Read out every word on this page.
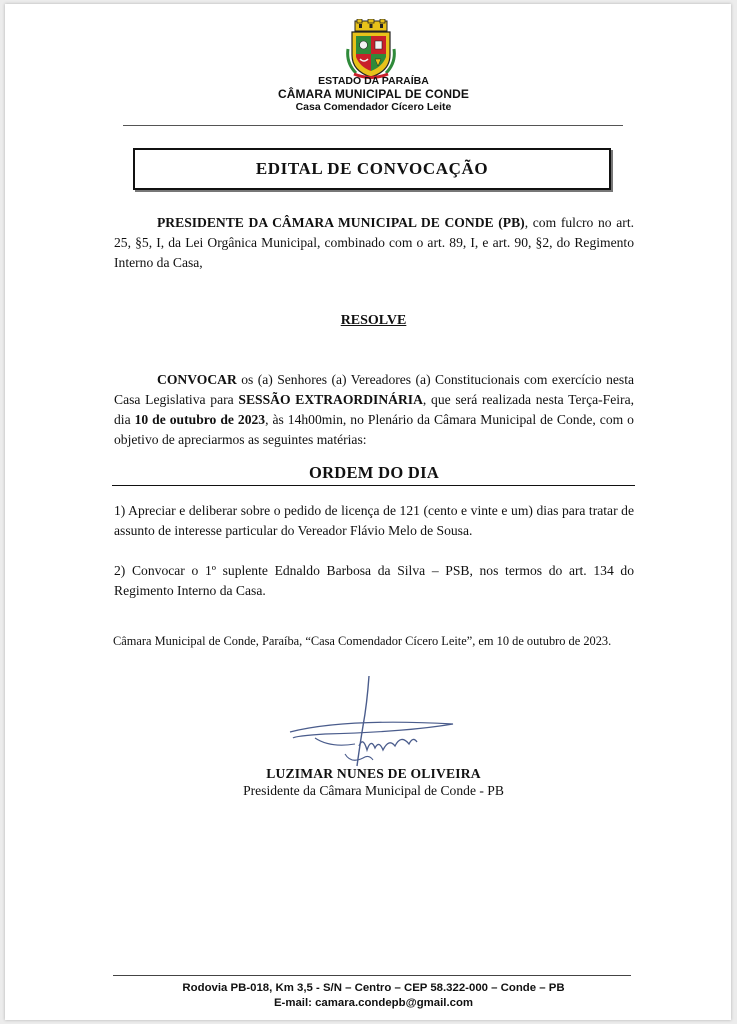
ESTADO DA PARAÍBA
CÂMARA MUNICIPAL DE CONDE
Casa Comendador Cícero Leite
EDITAL DE CONVOCAÇÃO
PRESIDENTE DA CÂMARA MUNICIPAL DE CONDE (PB), com fulcro no art. 25, §5, I, da Lei Orgânica Municipal, combinado com o art. 89, I, e art. 90, §2, do Regimento Interno da Casa,
RESOLVE
CONVOCAR os (a) Senhores (a) Vereadores (a) Constitucionais com exercício nesta Casa Legislativa para SESSÃO EXTRAORDINÁRIA, que será realizada nesta Terça-Feira, dia 10 de outubro de 2023, às 14h00min, no Plenário da Câmara Municipal de Conde, com o objetivo de apreciarmos as seguintes matérias:
ORDEM DO DIA
1) Apreciar e deliberar sobre o pedido de licença de 121 (cento e vinte e um) dias para tratar de assunto de interesse particular do Vereador Flávio Melo de Sousa.
2) Convocar o 1º suplente Ednaldo Barbosa da Silva – PSB, nos termos do art. 134 do Regimento Interno da Casa.
Câmara Municipal de Conde, Paraíba, “Casa Comendador Cícero Leite”, em 10 de outubro de 2023.
LUZIMAR NUNES DE OLIVEIRA
Presidente da Câmara Municipal de Conde - PB
Rodovia PB-018, Km 3,5 - S/N – Centro – CEP 58.322-000 – Conde – PB
E-mail: camara.condepb@gmail.com
